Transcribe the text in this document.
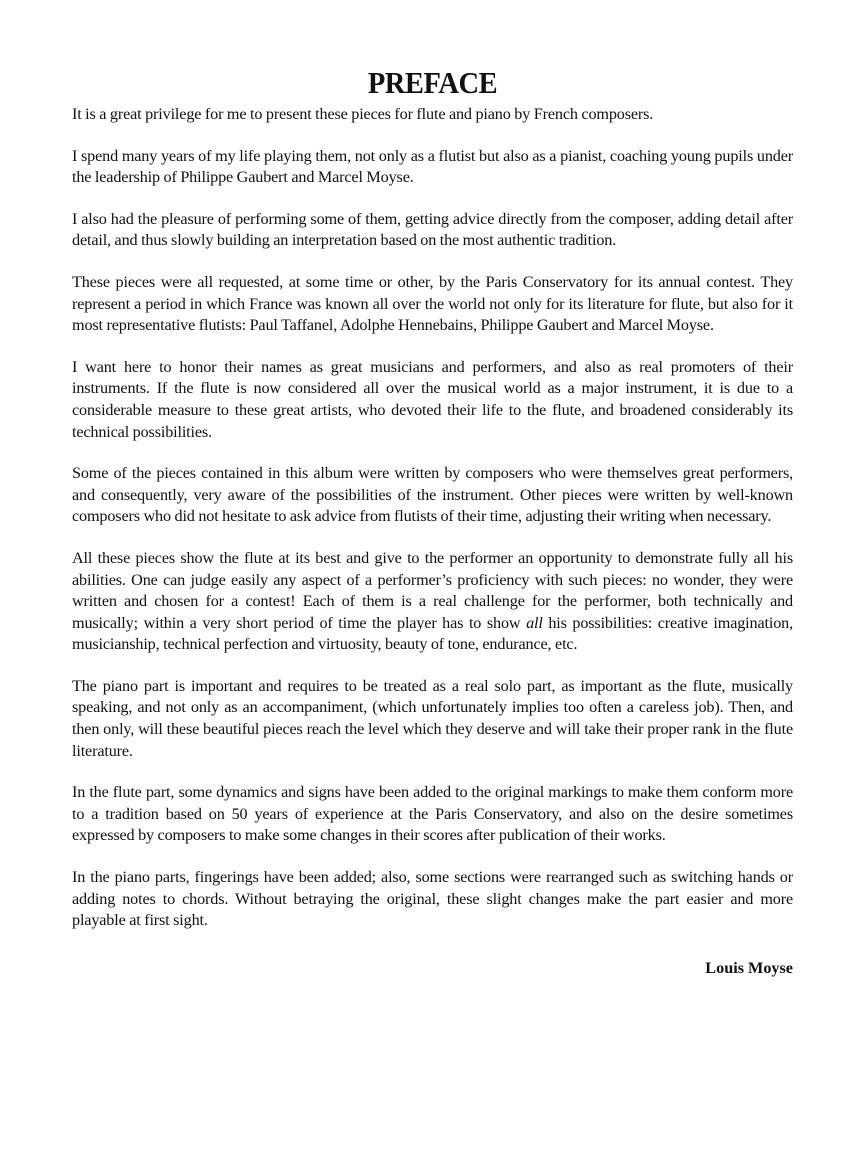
PREFACE

It is a great privilege for me to present these pieces for flute and piano by French composers.

I spend many years of my life playing them, not only as a flutist but also as a pianist, coaching young pupils under the leadership of Philippe Gaubert and Marcel Moyse.

I also had the pleasure of performing some of them, getting advice directly from the composer, adding detail after detail, and thus slowly building an interpretation based on the most authentic tradition.

These pieces were all requested, at some time or other, by the Paris Conservatory for its annual contest. They represent a period in which France was known all over the world not only for its literature for flute, but also for it most representative flutists: Paul Taffanel, Adolphe Hennebains, Philippe Gaubert and Marcel Moyse.

I want here to honor their names as great musicians and performers, and also as real promoters of their instruments. If the flute is now considered all over the musical world as a major instrument, it is due to a considerable measure to these great artists, who devoted their life to the flute, and broadened considerably its technical possibilities.

Some of the pieces contained in this album were written by composers who were themselves great performers, and consequently, very aware of the possibilities of the instrument. Other pieces were written by well-known composers who did not hesitate to ask advice from flutists of their time, adjusting their writing when necessary.

All these pieces show the flute at its best and give to the performer an opportunity to demonstrate fully all his abilities. One can judge easily any aspect of a performer’s proficiency with such pieces: no wonder, they were written and chosen for a contest! Each of them is a real challenge for the performer, both technically and musically; within a very short period of time the player has to show all his possibilities: creative imagination, musicianship, technical perfection and virtuosity, beauty of tone, endurance, etc.

The piano part is important and requires to be treated as a real solo part, as important as the flute, musically speaking, and not only as an accompaniment, (which unfortunately implies too often a careless job). Then, and then only, will these beautiful pieces reach the level which they deserve and will take their proper rank in the flute literature.

In the flute part, some dynamics and signs have been added to the original markings to make them conform more to a tradition based on 50 years of experience at the Paris Conservatory, and also on the desire sometimes expressed by composers to make some changes in their scores after publication of their works.

In the piano parts, fingerings have been added; also, some sections were rearranged such as switching hands or adding notes to chords. Without betraying the original, these slight changes make the part easier and more playable at first sight.

Louis Moyse
